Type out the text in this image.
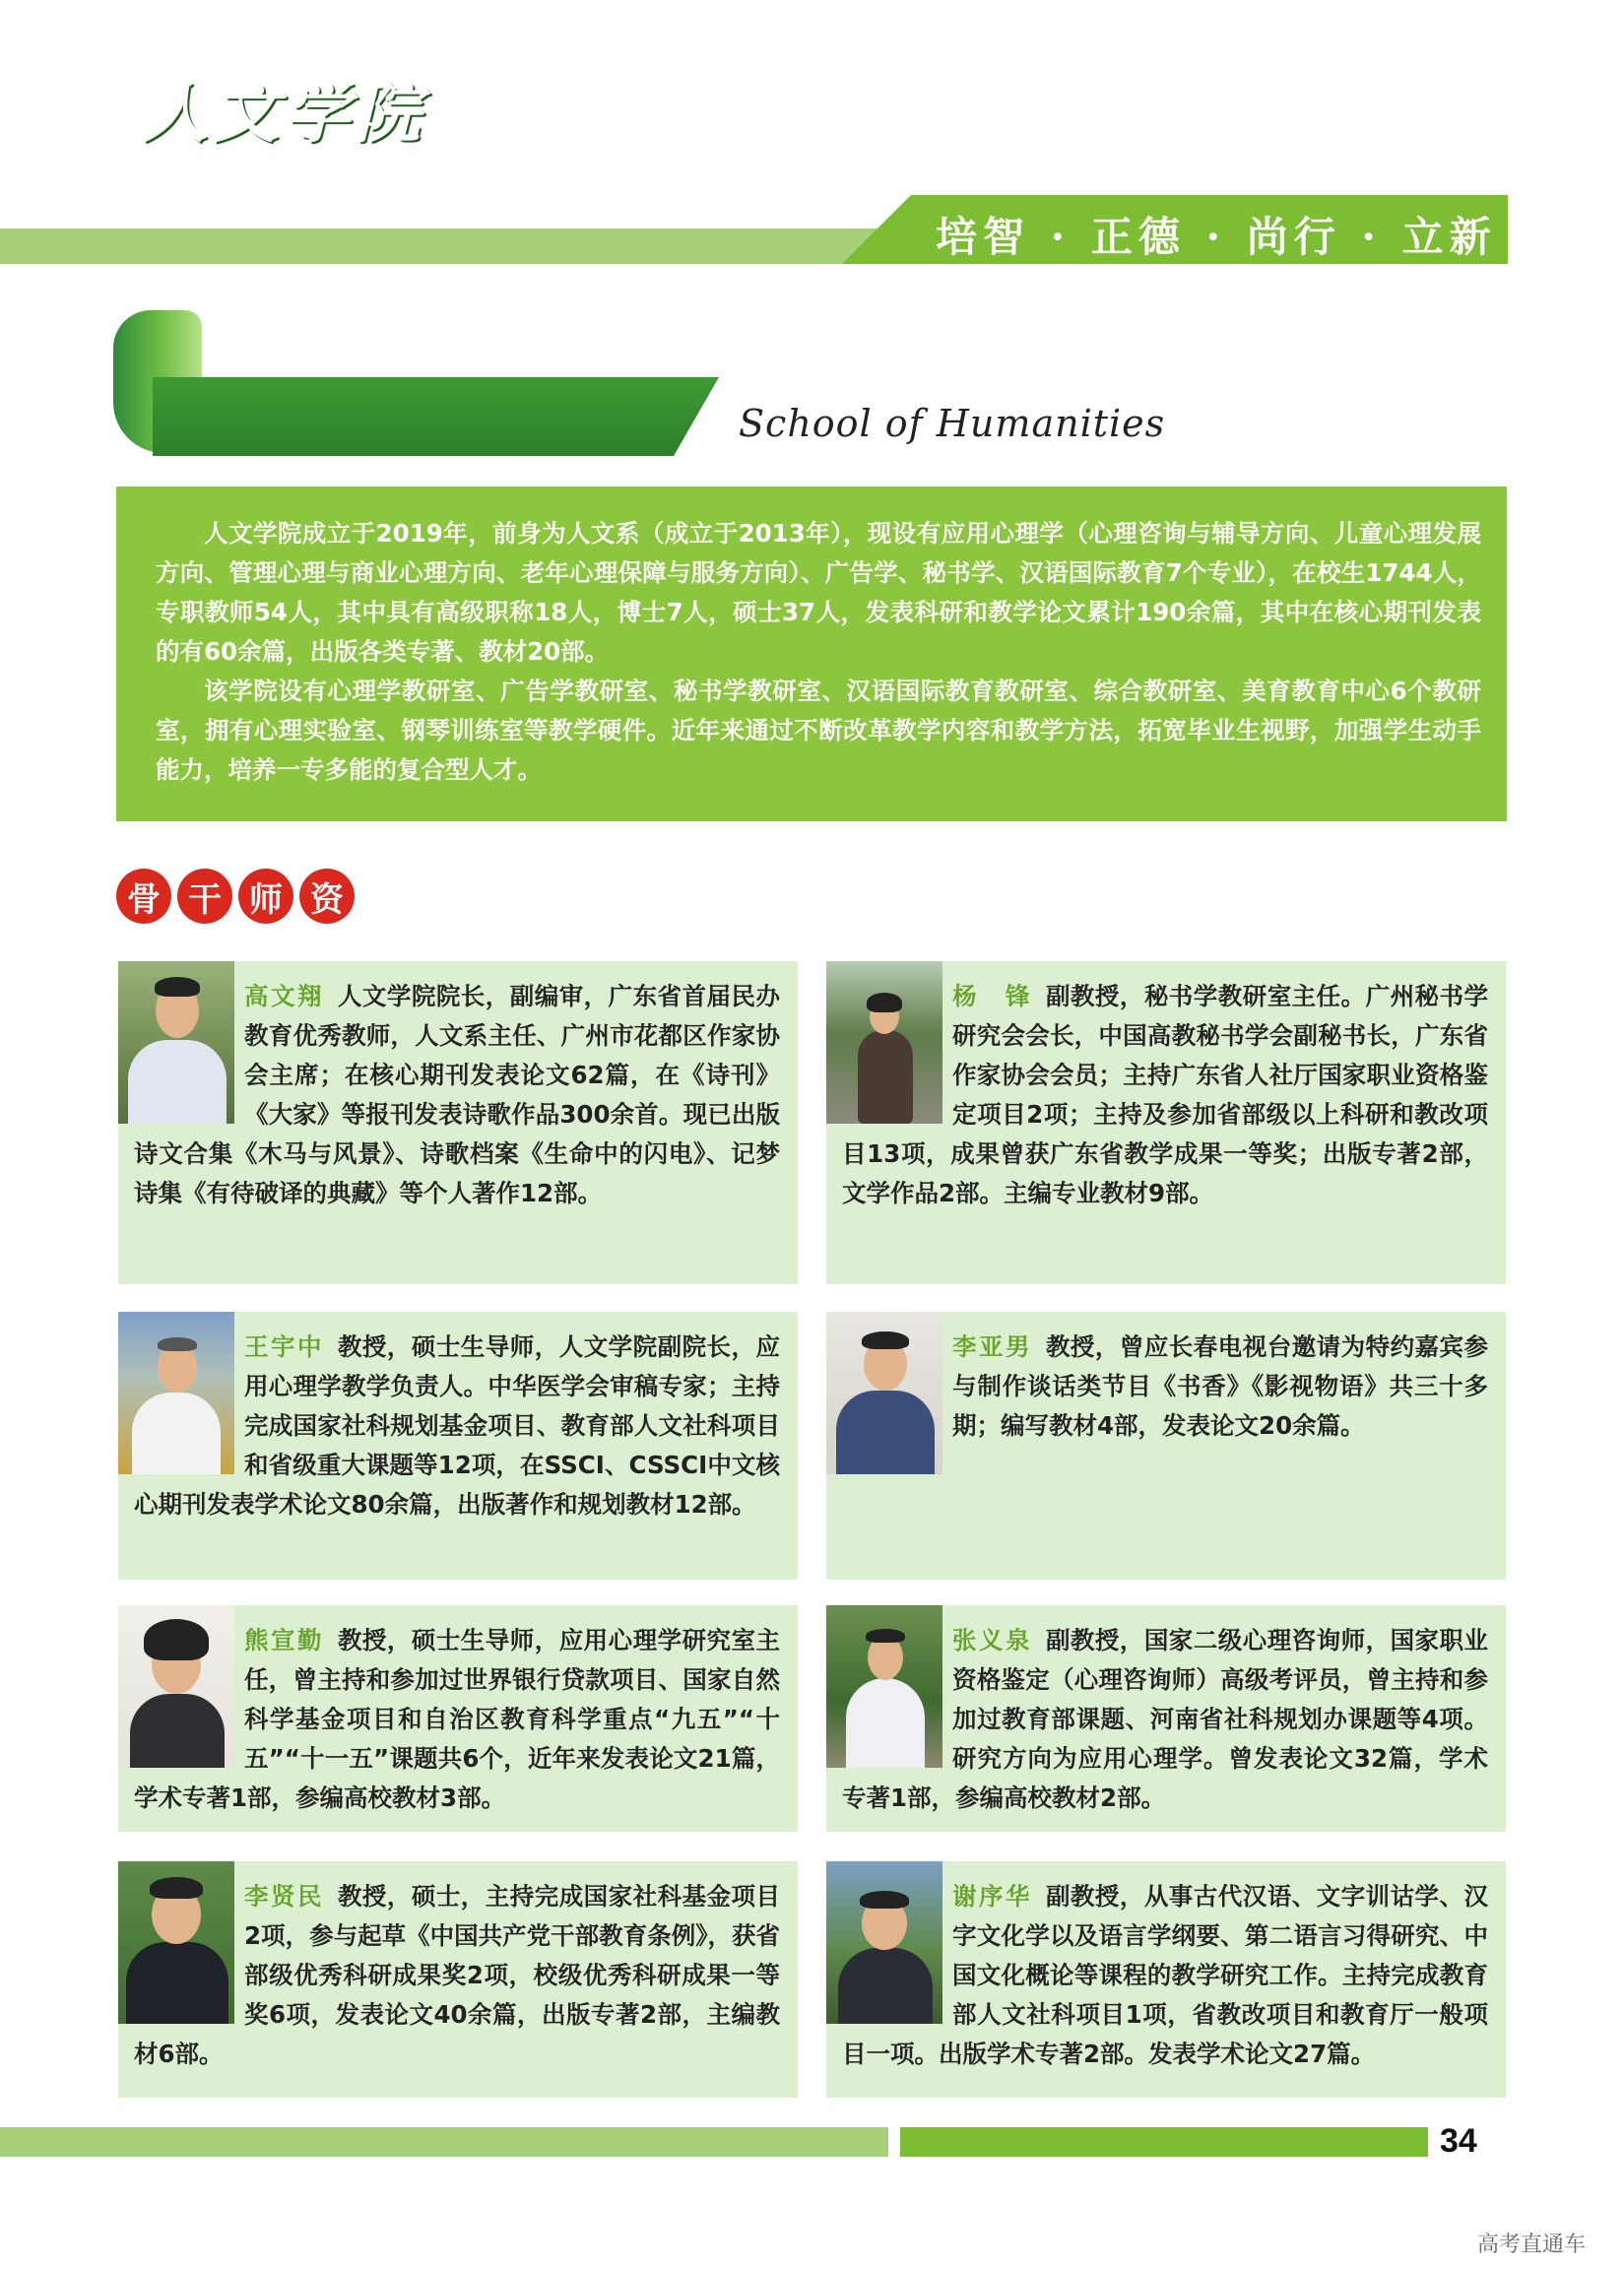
培智 · 正德 · 尚行 · 立新
人文学院
School of Humanities

人文学院成立于2019年，前身为人文系（成立于2013年），现设有应用心理学（心理咨询与辅导方向、儿童心理发展方向、管理心理与商业心理方向、老年心理保障与服务方向）、广告学、秘书学、汉语国际教育7个专业），在校生1744人，专职教师54人，其中具有高级职称18人，博士7人，硕士37人，发表科研和教学论文累计190余篇，其中在核心期刊发表的有60余篇，出版各类专著、教材20部。

该学院设有心理学教研室、广告学教研室、秘书学教研室、汉语国际教育教研室、综合教研室、美育教育中心6个教研室，拥有心理实验室、钢琴训练室等教学硬件。近年来通过不断改革教学内容和教学方法，拓宽毕业生视野，加强学生动手能力，培养一专多能的复合型人才。

骨 干 师 资
高文翔 人文学院院长，副编审，广东省首届民办教育优秀教师，人文系主任、广州市花都区作家协会主席；在核心期刊发表论文62篇，在《诗刊》《大家》等报刊发表诗歌作品300余首。现已出版诗文合集《木马与风景》、诗歌档案《生命中的闪电》、记梦诗集《有待破译的典藏》等个人著作12部。
杨　锋 副教授，秘书学教研室主任。广州秘书学研究会会长，中国高教秘书学会副秘书长，广东省作家协会会员；主持广东省人社厅国家职业资格鉴定项目2项；主持及参加省部级以上科研和教改项目13项，成果曾获广东省教学成果一等奖；出版专著2部，文学作品2部。主编专业教材9部。
王宇中 教授，硕士生导师，人文学院副院长，应用心理学教学负责人。中华医学会审稿专家；主持完成国家社科规划基金项目、教育部人文社科项目和省级重大课题等12项，在SSCI、CSSCI中文核心期刊发表学术论文80余篇，出版著作和规划教材12部。
李亚男 教授，曾应长春电视台邀请为特约嘉宾参与制作谈话类节目《书香》《影视物语》共三十多期；编写教材4部，发表论文20余篇。
熊宣勤 教授，硕士生导师，应用心理学研究室主任，曾主持和参加过世界银行贷款项目、国家自然科学基金项目和自治区教育科学重点“九五”“十五”“十一五”课题共6个，近年来发表论文21篇，学术专著1部，参编高校教材3部。
张义泉 副教授，国家二级心理咨询师，国家职业资格鉴定（心理咨询师）高级考评员，曾主持和参加过教育部课题、河南省社科规划办课题等4项。研究方向为应用心理学。曾发表论文32篇，学术专著1部，参编高校教材2部。
李贤民 教授，硕士，主持完成国家社科基金项目2项，参与起草《中国共产党干部教育条例》，获省部级优秀科研成果奖2项，校级优秀科研成果一等奖6项，发表论文40余篇，出版专著2部，主编教材6部。
谢序华 副教授，从事古代汉语、文字训诂学、汉字文化学以及语言学纲要、第二语言习得研究、中国文化概论等课程的教学研究工作。主持完成教育部人文社科项目1项，省教改项目和教育厅一般项目一项。出版学术专著2部。发表学术论文27篇。
34
高考直通车
